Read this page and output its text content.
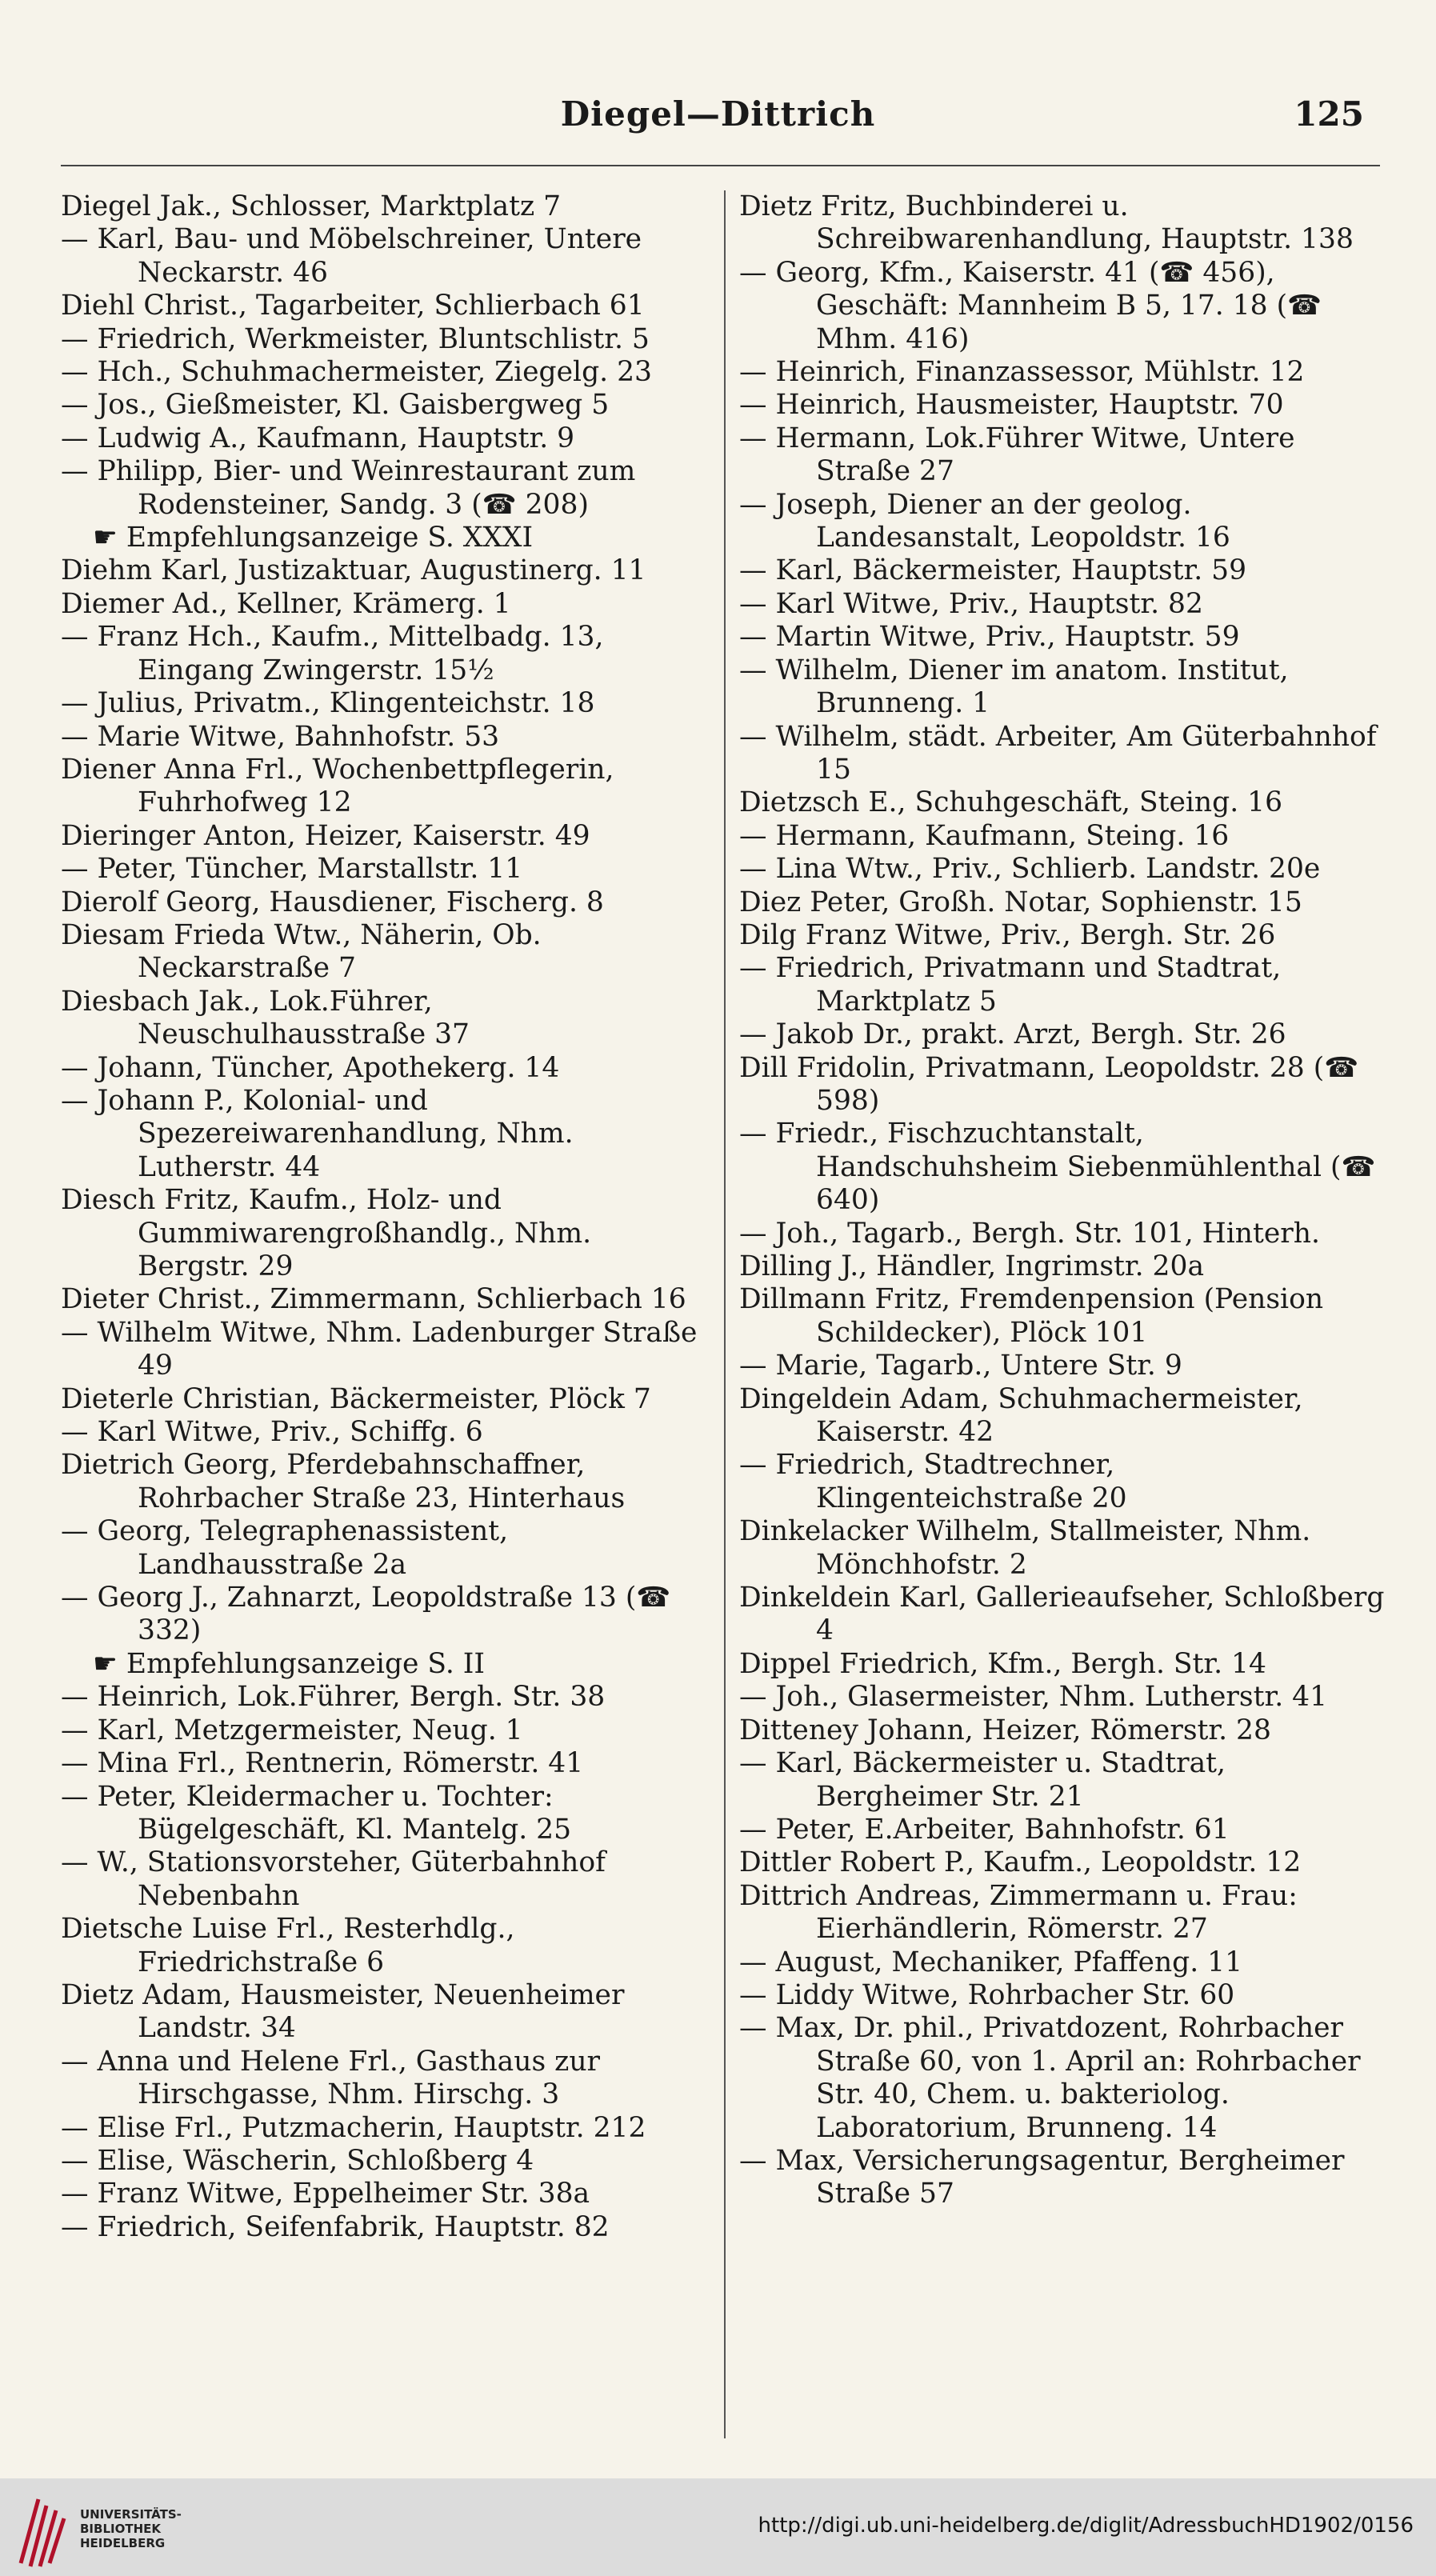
Diegel—Dittrich	125

Diegel Jak., Schlosser, Marktplatz 7

— Karl, Bau- und Möbelschreiner, Untere Neckarstr. 46

Diehl Christ., Tagarbeiter, Schlierbach 61

— Friedrich, Werkmeister, Bluntschlistr. 5

— Hch., Schuhmachermeister, Ziegelg. 23

— Jos., Gießmeister, Kl. Gaisbergweg 5

— Ludwig A., Kaufmann, Hauptstr. 9

— Philipp, Bier- und Weinrestaurant zum Rodensteiner, Sandg. 3 (☎ 208)

☛ Empfehlungsanzeige S. XXXI

Diehm Karl, Justizaktuar, Augustinerg. 11

Diemer Ad., Kellner, Krämerg. 1

— Franz Hch., Kaufm., Mittelbadg. 13, Eingang Zwingerstr. 15½

— Julius, Privatm., Klingenteichstr. 18

— Marie Witwe, Bahnhofstr. 53

Diener Anna Frl., Wochenbettpflegerin, Fuhrhofweg 12

Dieringer Anton, Heizer, Kaiserstr. 49

— Peter, Tüncher, Marstallstr. 11

Dierolf Georg, Hausdiener, Fischerg. 8

Diesam Frieda Wtw., Näherin, Ob. Neckarstraße 7

Diesbach Jak., Lok.Führer, Neuschulhausstraße 37

— Johann, Tüncher, Apothekerg. 14

— Johann P., Kolonial- und Spezereiwarenhandlung, Nhm. Lutherstr. 44

Diesch Fritz, Kaufm., Holz- und Gummiwarengroßhandlg., Nhm. Bergstr. 29

Dieter Christ., Zimmermann, Schlierbach 16

— Wilhelm Witwe, Nhm. Ladenburger Straße 49

Dieterle Christian, Bäckermeister, Plöck 7

— Karl Witwe, Priv., Schiffg. 6

Dietrich Georg, Pferdebahnschaffner, Rohrbacher Straße 23, Hinterhaus

— Georg, Telegraphenassistent, Landhausstraße 2a

— Georg J., Zahnarzt, Leopoldstraße 13 (☎ 332)

☛ Empfehlungsanzeige S. II

— Heinrich, Lok.Führer, Bergh. Str. 38

— Karl, Metzgermeister, Neug. 1

— Mina Frl., Rentnerin, Römerstr. 41

— Peter, Kleidermacher u. Tochter: Bügelgeschäft, Kl. Mantelg. 25

— W., Stationsvorsteher, Güterbahnhof Nebenbahn

Dietsche Luise Frl., Resterhdlg., Friedrichstraße 6

Dietz Adam, Hausmeister, Neuenheimer Landstr. 34

— Anna und Helene Frl., Gasthaus zur Hirschgasse, Nhm. Hirschg. 3

— Elise Frl., Putzmacherin, Hauptstr. 212

— Elise, Wäscherin, Schloßberg 4

— Franz Witwe, Eppelheimer Str. 38a

— Friedrich, Seifenfabrik, Hauptstr. 82

Dietz Fritz, Buchbinderei u. Schreibwarenhandlung, Hauptstr. 138

— Georg, Kfm., Kaiserstr. 41 (☎ 456), Geschäft: Mannheim B 5, 17. 18 (☎ Mhm. 416)

— Heinrich, Finanzassessor, Mühlstr. 12

— Heinrich, Hausmeister, Hauptstr. 70

— Hermann, Lok.Führer Witwe, Untere Straße 27

— Joseph, Diener an der geolog. Landesanstalt, Leopoldstr. 16

— Karl, Bäckermeister, Hauptstr. 59

— Karl Witwe, Priv., Hauptstr. 82

— Martin Witwe, Priv., Hauptstr. 59

— Wilhelm, Diener im anatom. Institut, Brunneng. 1

— Wilhelm, städt. Arbeiter, Am Güterbahnhof 15

Dietzsch E., Schuhgeschäft, Steing. 16

— Hermann, Kaufmann, Steing. 16

— Lina Wtw., Priv., Schlierb. Landstr. 20e

Diez Peter, Großh. Notar, Sophienstr. 15

Dilg Franz Witwe, Priv., Bergh. Str. 26

— Friedrich, Privatmann und Stadtrat, Marktplatz 5

— Jakob Dr., prakt. Arzt, Bergh. Str. 26

Dill Fridolin, Privatmann, Leopoldstr. 28 (☎ 598)

— Friedr., Fischzuchtanstalt, Handschuhsheim Siebenmühlenthal (☎ 640)

— Joh., Tagarb., Bergh. Str. 101, Hinterh.

Dilling J., Händler, Ingrimstr. 20a

Dillmann Fritz, Fremdenpension (Pension Schildecker), Plöck 101

— Marie, Tagarb., Untere Str. 9

Dingeldein Adam, Schuhmachermeister, Kaiserstr. 42

— Friedrich, Stadtrechner, Klingenteichstraße 20

Dinkelacker Wilhelm, Stallmeister, Nhm. Mönchhofstr. 2

Dinkeldein Karl, Gallerieaufseher, Schloßberg 4

Dippel Friedrich, Kfm., Bergh. Str. 14

— Joh., Glasermeister, Nhm. Lutherstr. 41

Ditteney Johann, Heizer, Römerstr. 28

— Karl, Bäckermeister u. Stadtrat, Bergheimer Str. 21

— Peter, E.Arbeiter, Bahnhofstr. 61

Dittler Robert P., Kaufm., Leopoldstr. 12

Dittrich Andreas, Zimmermann u. Frau: Eierhändlerin, Römerstr. 27

— August, Mechaniker, Pfaffeng. 11

— Liddy Witwe, Rohrbacher Str. 60

— Max, Dr. phil., Privatdozent, Rohrbacher Straße 60, von 1. April an: Rohrbacher Str. 40, Chem. u. bakteriolog. Laboratorium, Brunneng. 14

— Max, Versicherungsagentur, Bergheimer Straße 57

UNIVERSITÄTS-
BIBLIOTHEK
HEIDELBERG
http://digi.ub.uni-heidelberg.de/diglit/AdressbuchHD1902/0156
